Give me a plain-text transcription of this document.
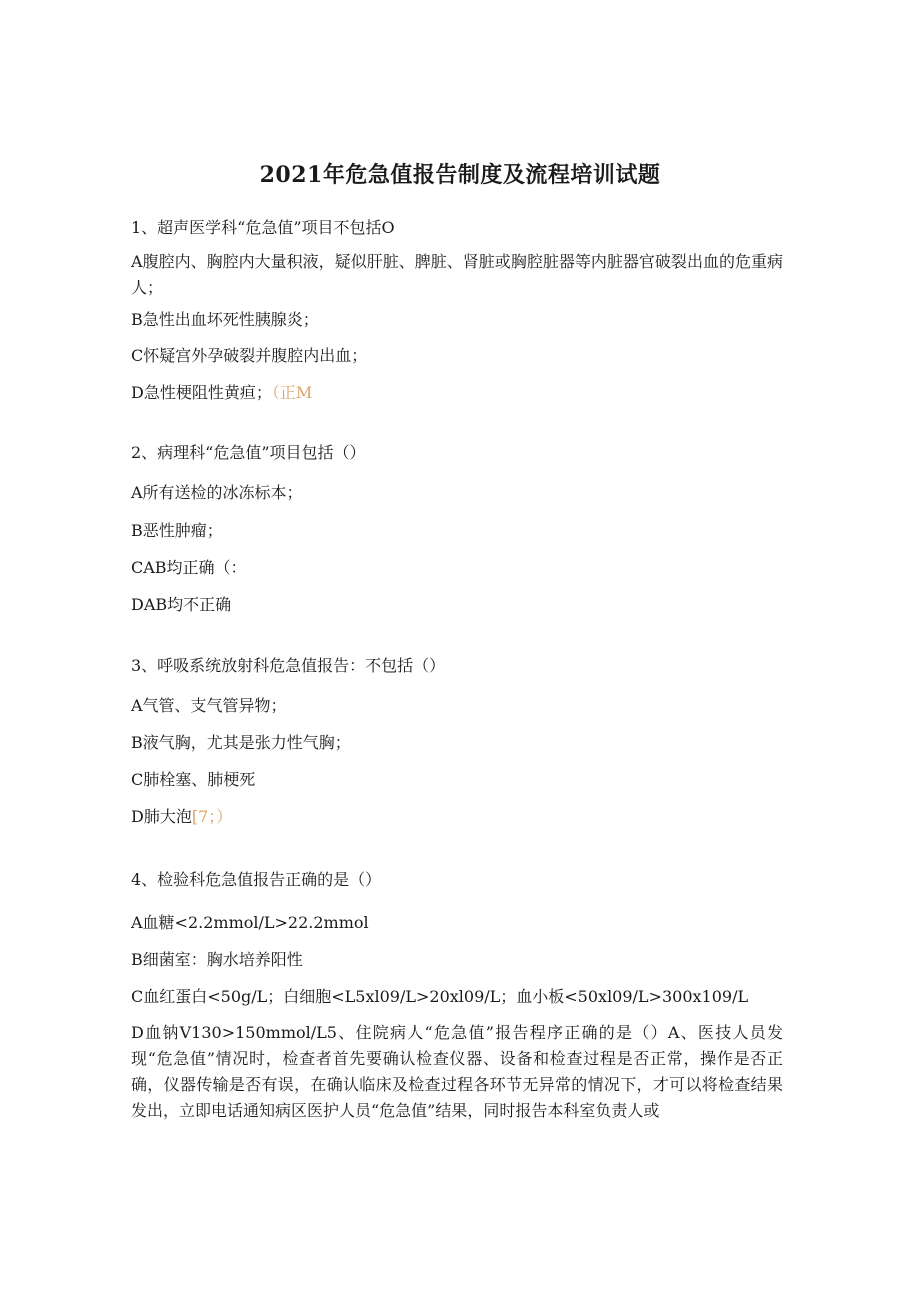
2021年危急值报告制度及流程培训试题
1、超声医学科“危急值”项目不包括O
A腹腔内、胸腔内大量积液，疑似肝脏、脾脏、肾脏或胸腔脏器等内脏器官破裂出血的危重病人；
B急性出血坏死性胰腺炎；
C怀疑宫外孕破裂并腹腔内出血；
D急性梗阻性黄疸；（正M
2、病理科“危急值”项目包括（）
A所有送检的冰冻标本；
B恶性肿瘤；
CAB均正确（：
DAB均不正确
3、呼吸系统放射科危急值报告：不包括（）
A气管、支气管异物；
B液气胸，尤其是张力性气胸；
C肺栓塞、肺梗死
D肺大泡[7；）
4、检验科危急值报告正确的是（）
A血糖<2.2mmol∕L>22.2mmol
B细菌室：胸水培养阳性
C血红蛋白<50g∕L；白细胞<L5xl09∕L>20xl09∕L；血小板<50xl09∕L>300x109/L
D血钠V130>150mmol∕L5、住院病人“危急值”报告程序正确的是（）A、医技人员发现“危急值”情况时，检查者首先要确认检查仪器、设备和检查过程是否正常，操作是否正确，仪器传输是否有误，在确认临床及检查过程各环节无异常的情况下，才可以将检查结果发出，立即电话通知病区医护人员“危急值”结果，同时报告本科室负责人或
